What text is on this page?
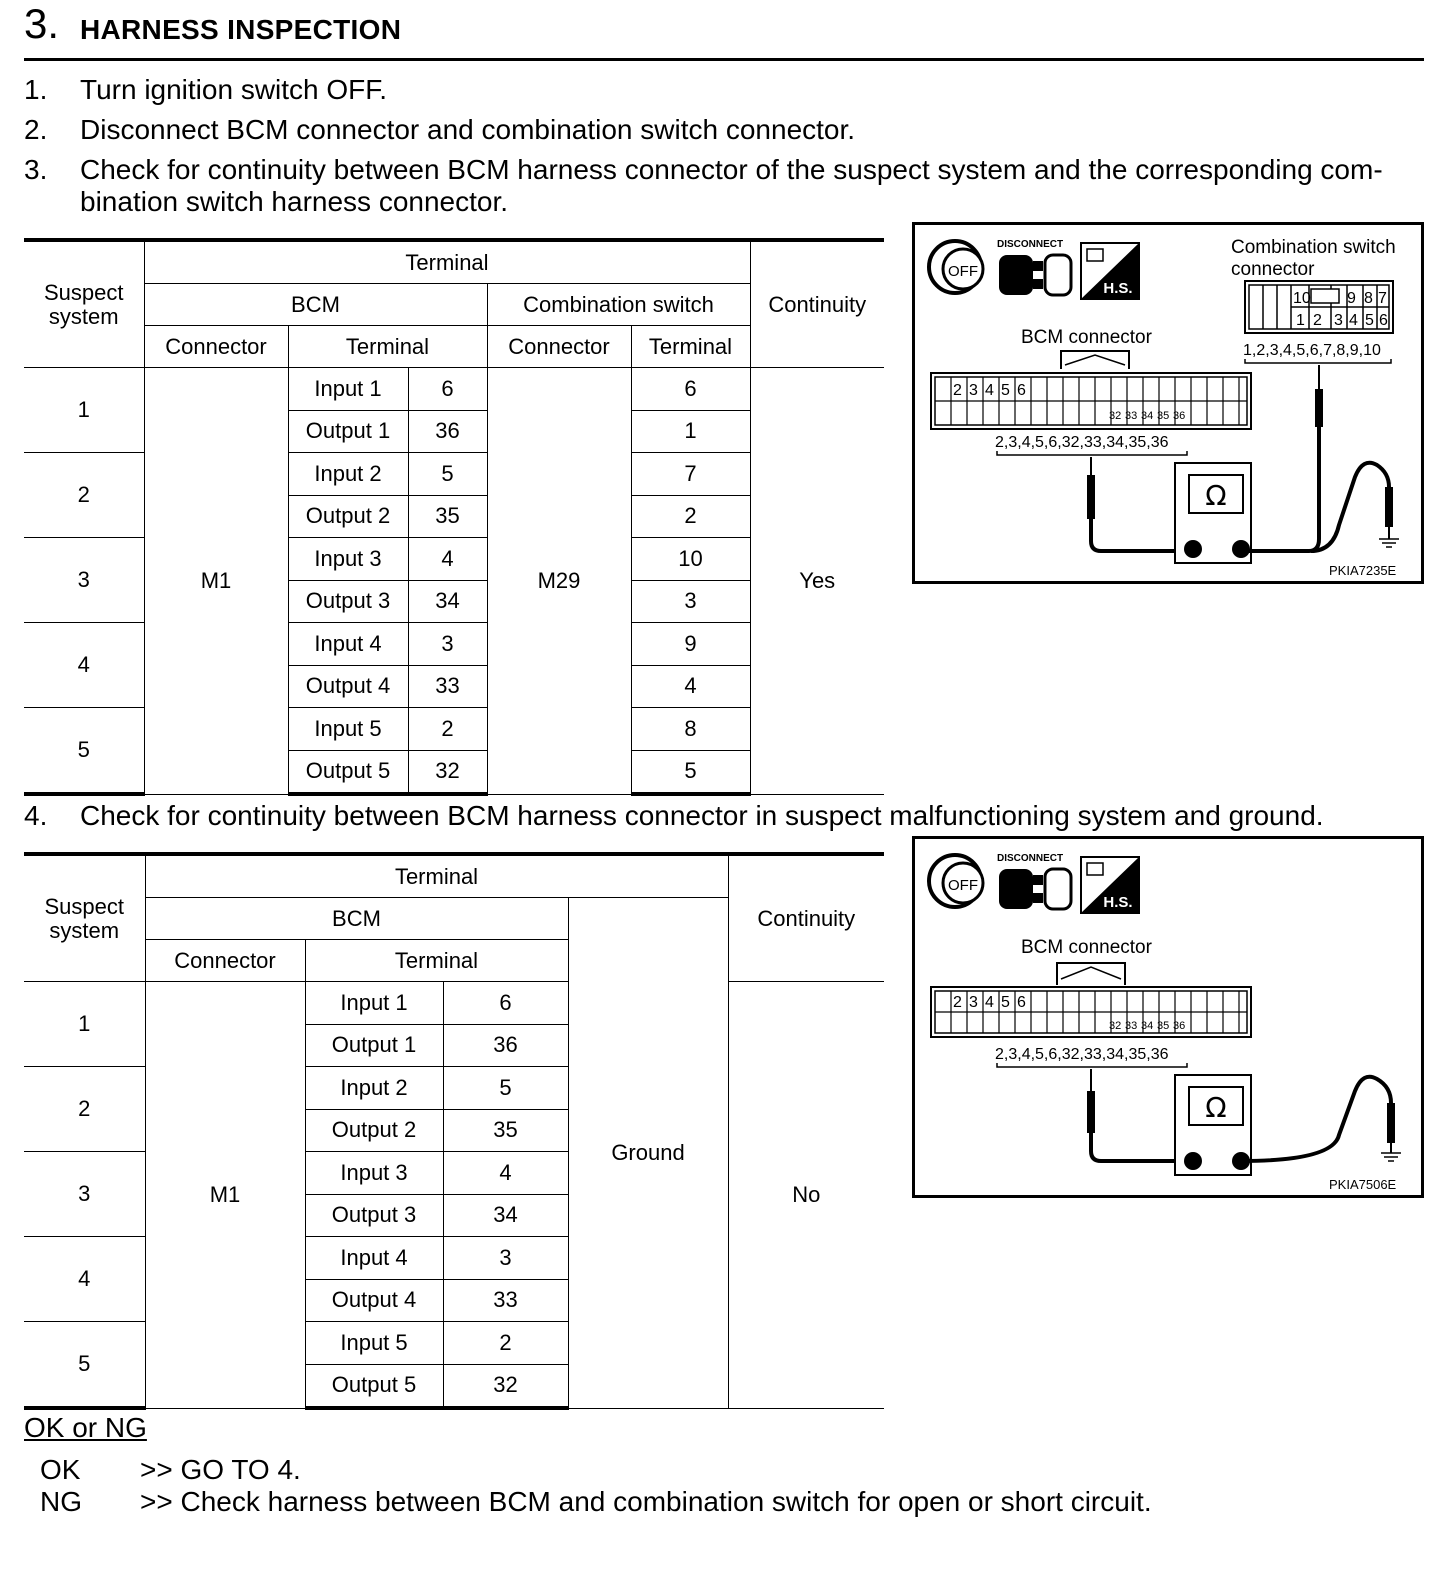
3. HARNESS INSPECTION
1. Turn ignition switch OFF.
2. Disconnect BCM connector and combination switch connector.
3. Check for continuity between BCM harness connector of the suspect system and the corresponding com-
bination switch harness connector.
Suspect
system	Terminal					Continuity
	BCM			Combination switch		
	Connector	Terminal		Connector	Terminal	
1	M1	Input 1	6	M29	6	Yes
		Output 1	36		1	
2		Input 2	5		7	
		Output 2	35		2	
3		Input 3	4		10	
		Output 3	34		3	
4		Input 4	3		9	
		Output 4	33		4	
5		Input 5	2		8	
		Output 5	32		5	
OFF
DISCONNECT
H.S.
Combination switch
connector
10 9 8 7
1 2 3 4 5 6
1,2,3,4,5,6,7,8,9,10
BCM connector
2 3 4 5 6
32 33 34 35 36
2,3,4,5,6,32,33,34,35,36
Ω
PKIA7235E
4. Check for continuity between BCM harness connector in suspect malfunctioning system and ground.
Suspect
system	Terminal				Continuity
	BCM			Ground	
	Connector	Terminal			
1	M1	Input 1	6		No
		Output 1	36		
2		Input 2	5		
		Output 2	35		
3		Input 3	4		
		Output 3	34		
4		Input 4	3		
		Output 4	33		
5		Input 5	2		
		Output 5	32		
OFF
DISCONNECT
H.S.
BCM connector
2 3 4 5 6
32 33 34 35 36
2,3,4,5,6,32,33,34,35,36
Ω
PKIA7506E
OK or NG
OK >> GO TO 4.
NG >> Check harness between BCM and combination switch for open or short circuit.
